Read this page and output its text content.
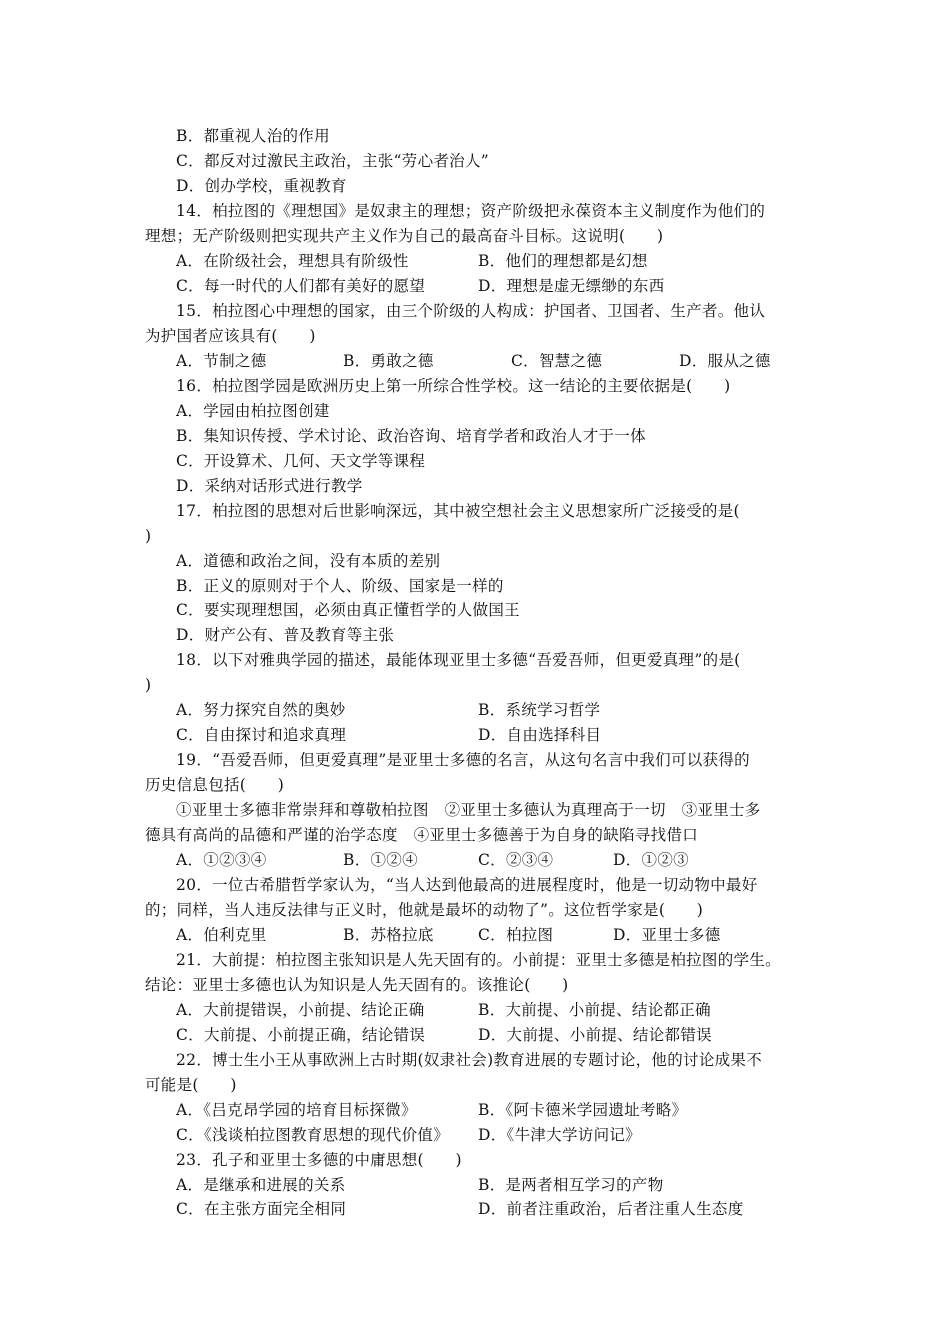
B．都重视人治的作用
C．都反对过激民主政治，主张“劳心者治人”
D．创办学校，重视教育
14．柏拉图的《理想国》是奴隶主的理想；资产阶级把永葆资本主义制度作为他们的
理想；无产阶级则把实现共产主义作为自己的最高奋斗目标。这说明(　　)
A．在阶级社会，理想具有阶级性	B．他们的理想都是幻想
C．每一时代的人们都有美好的愿望	D．理想是虚无缥缈的东西
15．柏拉图心中理想的国家，由三个阶级的人构成：护国者、卫国者、生产者。他认
为护国者应该具有(　　)
A．节制之德	B．勇敢之德	C．智慧之德	D．服从之德
16．柏拉图学园是欧洲历史上第一所综合性学校。这一结论的主要依据是(　　)
A．学园由柏拉图创建
B．集知识传授、学术讨论、政治咨询、培育学者和政治人才于一体
C．开设算术、几何、天文学等课程
D．采纳对话形式进行教学
17．柏拉图的思想对后世影响深远，其中被空想社会主义思想家所广泛接受的是(
)
A．道德和政治之间，没有本质的差别
B．正义的原则对于个人、阶级、国家是一样的
C．要实现理想国，必须由真正懂哲学的人做国王
D．财产公有、普及教育等主张
18．以下对雅典学园的描述，最能体现亚里士多德“吾爱吾师，但更爱真理”的是(
)
A．努力探究自然的奥妙	B．系统学习哲学
C．自由探讨和追求真理	D．自由选择科目
19．“吾爱吾师，但更爱真理”是亚里士多德的名言，从这句名言中我们可以获得的
历史信息包括(　　)
①亚里士多德非常崇拜和尊敬柏拉图　②亚里士多德认为真理高于一切　③亚里士多
德具有高尚的品德和严谨的治学态度　④亚里士多德善于为自身的缺陷寻找借口
A．①②③④	B．①②④	C．②③④	D．①②③
20．一位古希腊哲学家认为，“当人达到他最高的进展程度时，他是一切动物中最好
的；同样，当人违反法律与正义时，他就是最坏的动物了”。这位哲学家是(　　)
A．伯利克里	B．苏格拉底	C．柏拉图	D．亚里士多德
21．大前提：柏拉图主张知识是人先天固有的。小前提：亚里士多德是柏拉图的学生。
结论：亚里士多德也认为知识是人先天固有的。该推论(　　)
A．大前提错误，小前提、结论正确	B．大前提、小前提、结论都正确
C．大前提、小前提正确，结论错误	D．大前提、小前提、结论都错误
22．博士生小王从事欧洲上古时期(奴隶社会)教育进展的专题讨论，他的讨论成果不
可能是(　　)
A．《吕克昂学园的培育目标探微》	B．《阿卡德米学园遗址考略》
C．《浅谈柏拉图教育思想的现代价值》 D．《牛津大学访问记》
23．孔子和亚里士多德的中庸思想(　　)
A．是继承和进展的关系	B．是两者相互学习的产物
C．在主张方面完全相同	D．前者注重政治，后者注重人生态度
